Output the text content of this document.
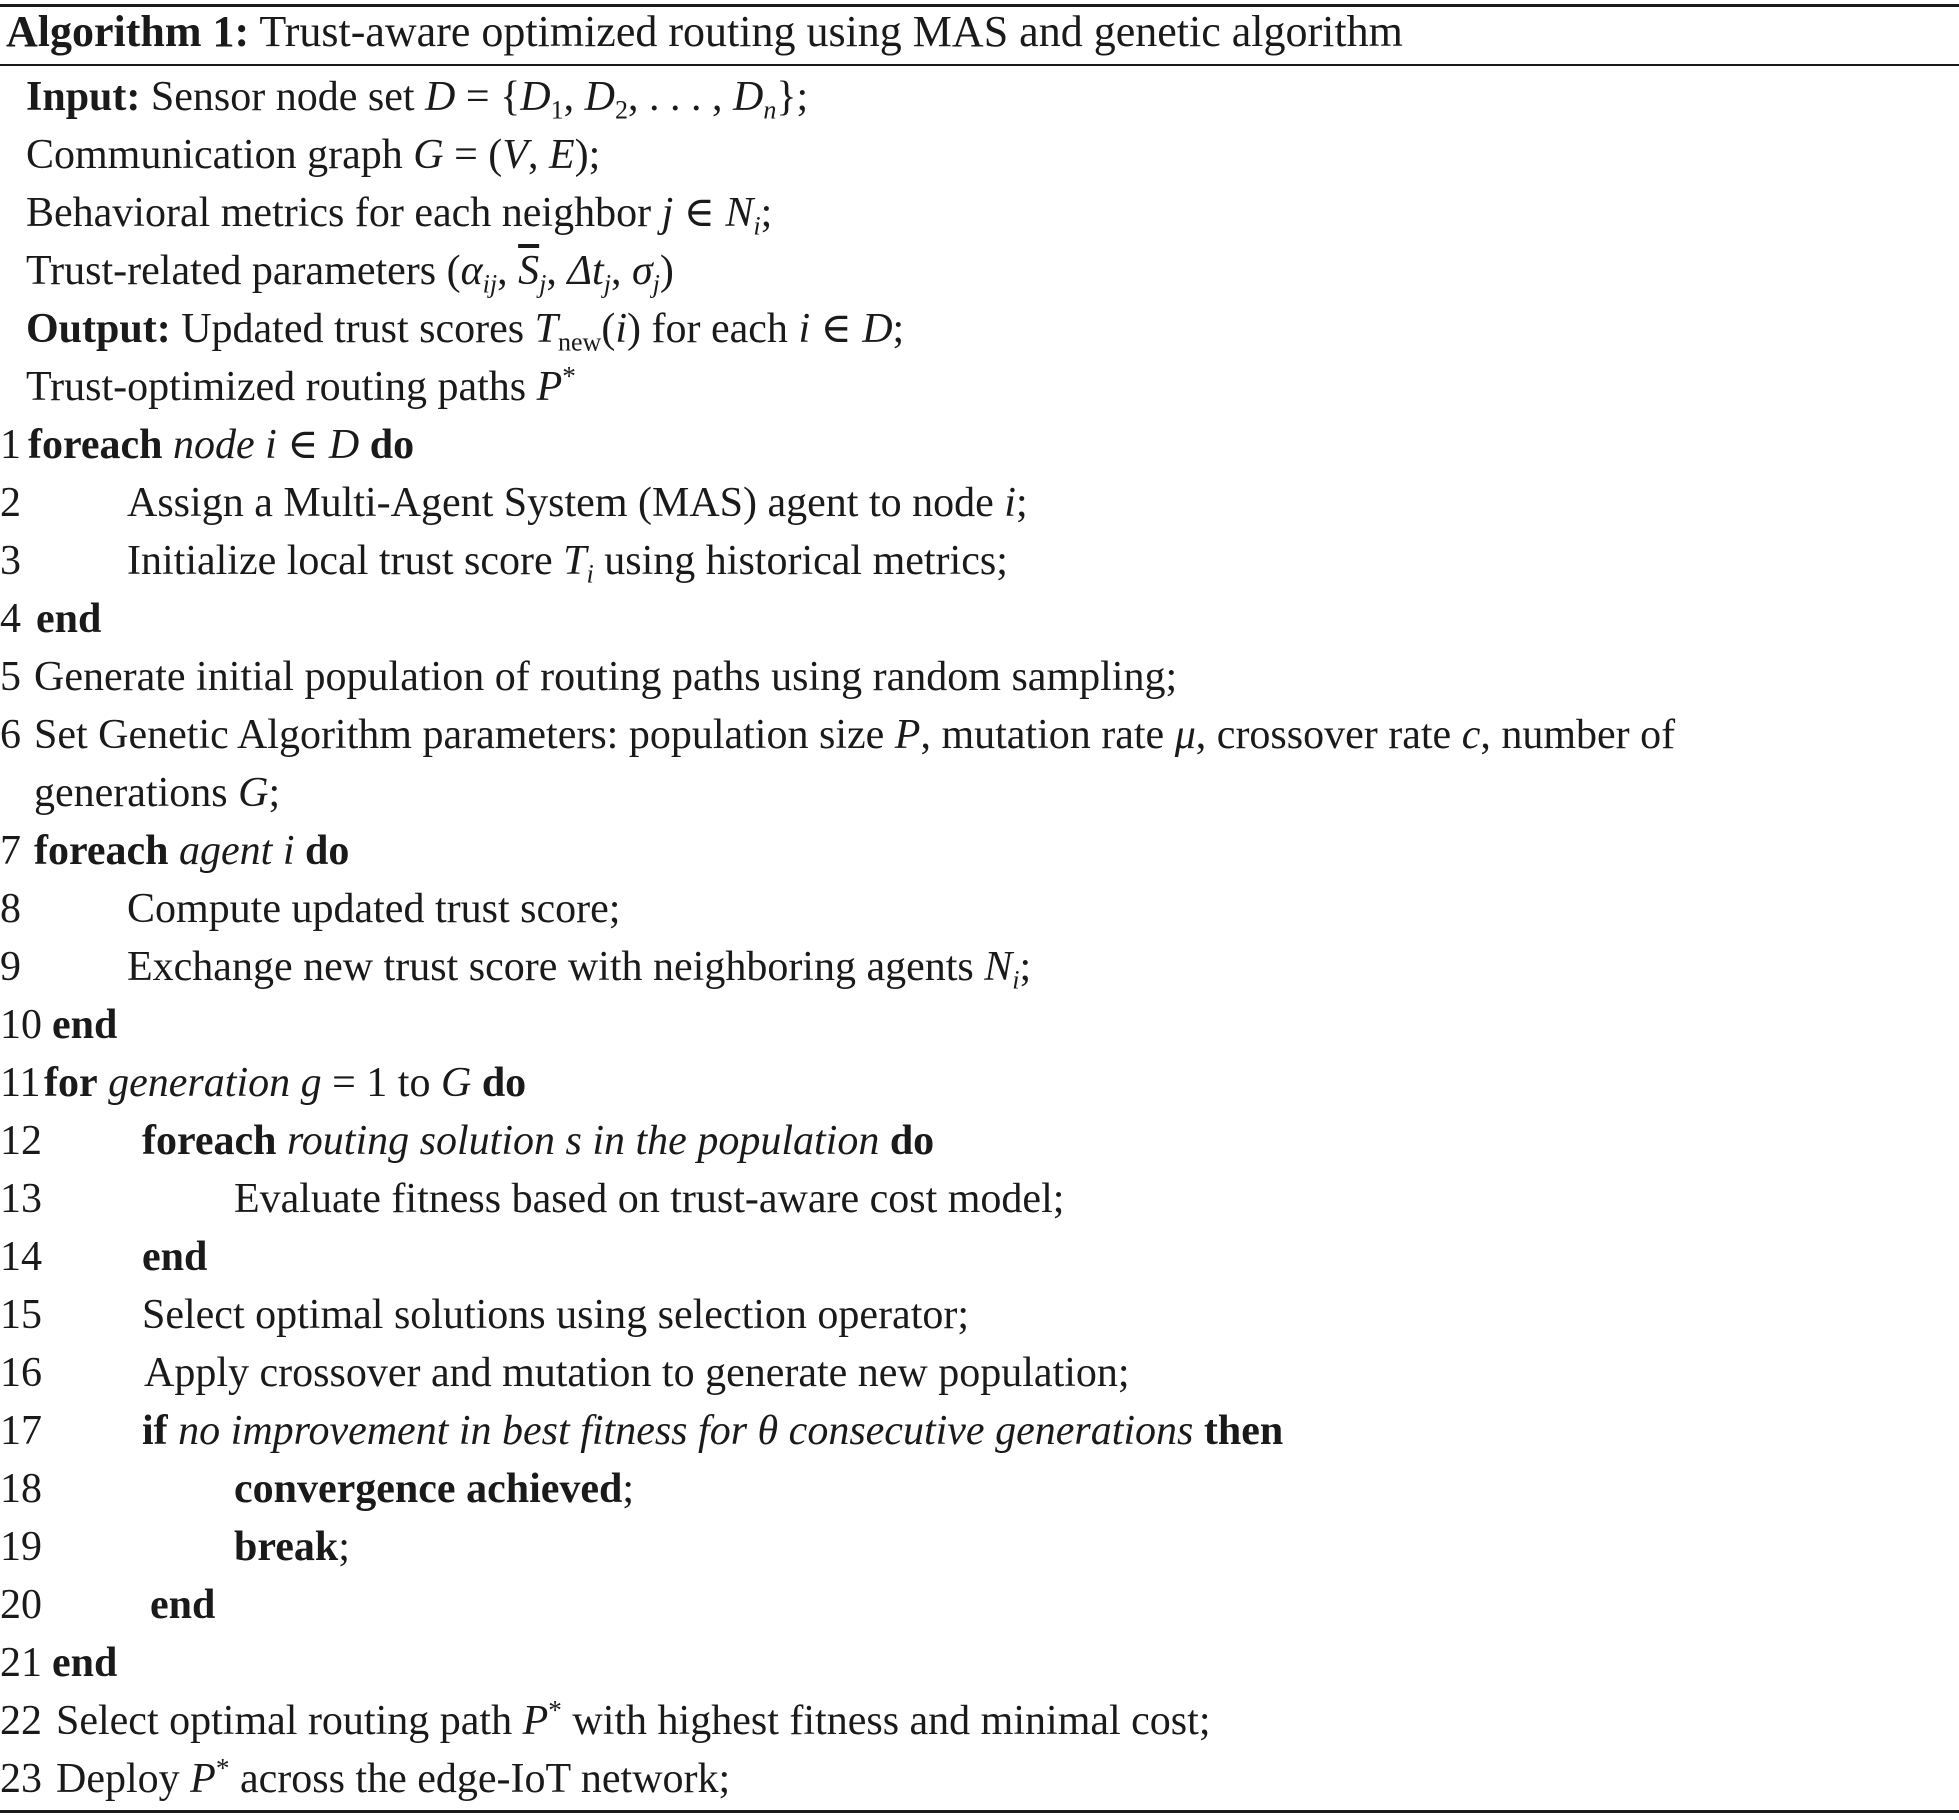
Algorithm 1: Trust-aware optimized routing using MAS and genetic algorithm
Input: Sensor node set $D = \{D_1$, $D_2$, . . . , $D_n$};
Communication graph G = (V, E);
Behavioral metrics for each neighbor j ∈ $N_i$;
Trust-related parameters ($\alpha_{ij}$, $\overline{S}_j$, $\Delta t_j$, $\sigma_j$)
Output: Updated trust scores $T_{new}(i)$ for each i ∈ D;
Trust-optimized routing paths P*
1 foreach node i ∈ D do
2	Assign a Multi-Agent System (MAS) agent to node i;
3	Initialize local trust score $T_i$ using historical metrics;
4 end
5 Generate initial population of routing paths using random sampling;
6 Set Genetic Algorithm parameters: population size P, mutation rate μ, crossover rate c, number of
generations G;
7 foreach agent i do
8	Compute updated trust score;
9	Exchange new trust score with neighboring agents $N_i$;
10 end
11 for generation g = 1 to G do
12 foreach routing solution s in the population do
13	Evaluate fitness based on trust-aware cost model;
14 end
15 Select optimal solutions using selection operator;
16 Apply crossover and mutation to generate new population;
17 if no improvement in best fitness for θ consecutive generations then
18	convergence achieved;
19	break;
20	end
21 end
22 Select optimal routing path P* with highest fitness and minimal cost;
23 Deploy P* across the edge-IoT network;
